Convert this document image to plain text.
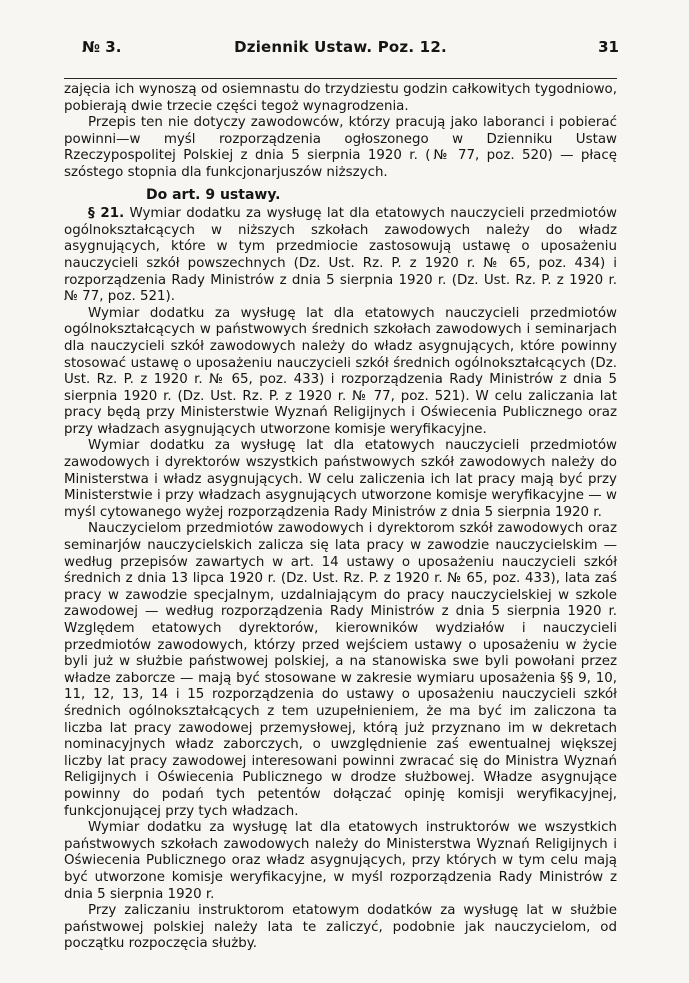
№ 3.	Dziennik Ustaw. Poz. 12.	31

zajęcia ich wynoszą od osiemnastu do trzydziestu godzin całkowitych tygodniowo, pobierają dwie trzecie części tegoż wynagrodzenia.

Przepis ten nie dotyczy zawodowców, którzy pracują jako laboranci i pobierać powinni—w myśl rozporządzenia ogłoszonego w Dzienniku Ustaw Rzeczypospolitej Polskiej z dnia 5 sierpnia 1920 r. (№ 77, poz. 520) — płacę szóstego stopnia dla funkcjonarjuszów niższych.

Do art. 9 ustawy.

§ 21. Wymiar dodatku za wysługę lat dla etatowych nauczycieli przedmiotów ogólnokształcących w niższych szkołach zawodowych należy do władz asygnujących, które w tym przedmiocie zastosowują ustawę o uposażeniu nauczycieli szkół powszechnych (Dz. Ust. Rz. P. z 1920 r. № 65, poz. 434) i rozporządzenia Rady Ministrów z dnia 5 sierpnia 1920 r. (Dz. Ust. Rz. P. z 1920 r. № 77, poz. 521).

Wymiar dodatku za wysługę lat dla etatowych nauczycieli przedmiotów ogólnokształcących w państwowych średnich szkołach zawodowych i seminarjach dla nauczycieli szkół zawodowych należy do władz asygnujących, które powinny stosować ustawę o uposażeniu nauczycieli szkół średnich ogólnokształcących (Dz. Ust. Rz. P. z 1920 r. № 65, poz. 433) i rozporządzenia Rady Ministrów z dnia 5 sierpnia 1920 r. (Dz. Ust. Rz. P. z 1920 r. № 77, poz. 521). W celu zaliczania lat pracy będą przy Ministerstwie Wyznań Religijnych i Oświecenia Publicznego oraz przy władzach asygnujących utworzone komisje weryfikacyjne.

Wymiar dodatku za wysługę lat dla etatowych nauczycieli przedmiotów zawodowych i dyrektorów wszystkich państwowych szkół zawodowych należy do Ministerstwa i władz asygnujących. W celu zaliczenia ich lat pracy mają być przy Ministerstwie i przy władzach asygnujących utworzone komisje weryfikacyjne — w myśl cytowanego wyżej rozporządzenia Rady Ministrów z dnia 5 sierpnia 1920 r.

Nauczycielom przedmiotów zawodowych i dyrektorom szkół zawodowych oraz seminarjów nauczycielskich zalicza się lata pracy w zawodzie nauczycielskim — według przepisów zawartych w art. 14 ustawy o uposażeniu nauczycieli szkół średnich z dnia 13 lipca 1920 r. (Dz. Ust. Rz. P. z 1920 r. № 65, poz. 433), lata zaś pracy w zawodzie specjalnym, uzdalniającym do pracy nauczycielskiej w szkole zawodowej — według rozporządzenia Rady Ministrów z dnia 5 sierpnia 1920 r. Względem etatowych dyrektorów, kierowników wydziałów i nauczycieli przedmiotów zawodowych, którzy przed wejściem ustawy o uposażeniu w życie byli już w służbie państwowej polskiej, a na stanowiska swe byli powołani przez władze zaborcze — mają być stosowane w zakresie wymiaru uposażenia §§ 9, 10, 11, 12, 13, 14 i 15 rozporządzenia do ustawy o uposażeniu nauczycieli szkół średnich ogólnokształcących z tem uzupełnieniem, że ma być im zaliczona ta liczba lat pracy zawodowej przemysłowej, którą już przyznano im w dekretach nominacyjnych władz zaborczych, o uwzględnienie zaś ewentualnej większej liczby lat pracy zawodowej interesowani powinni zwracać się do Ministra Wyznań Religijnych i Oświecenia Publicznego w drodze służbowej. Władze asygnujące powinny do podań tych petentów dołączać opinję komisji weryfikacyjnej, funkcjonującej przy tych władzach.

Wymiar dodatku za wysługę lat dla etatowych instruktorów we wszystkich państwowych szkołach zawodowych należy do Ministerstwa Wyznań Religijnych i Oświecenia Publicznego oraz władz asygnujących, przy których w tym celu mają być utworzone komisje weryfikacyjne, w myśl rozporządzenia Rady Ministrów z dnia 5 sierpnia 1920 r.

Przy zaliczaniu instruktorom etatowym dodatków za wysługę lat w służbie państwowej polskiej należy lata te zaliczyć, podobnie jak nauczycielom, od początku rozpoczęcia służby.
